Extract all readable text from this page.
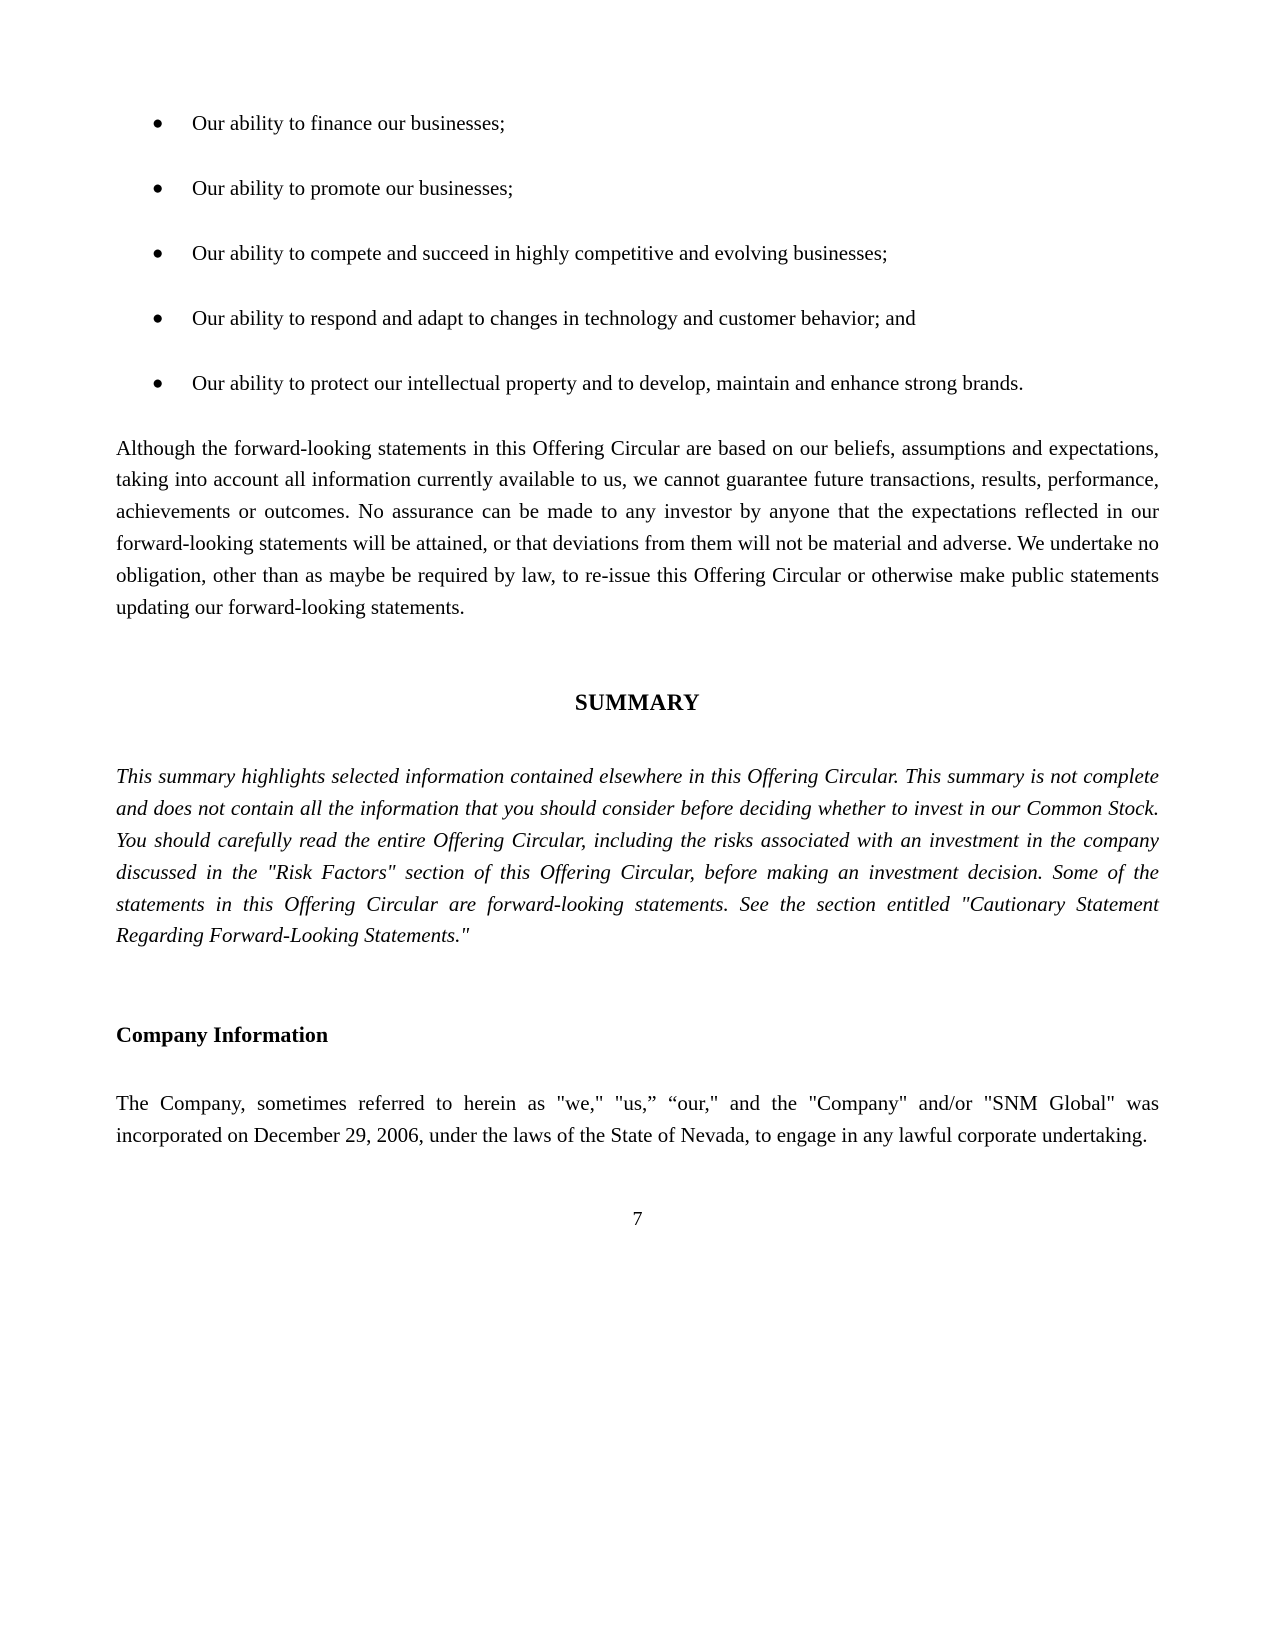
●	Our ability to finance our businesses;
●	Our ability to promote our businesses;
●	Our ability to compete and succeed in highly competitive and evolving businesses;
●	Our ability to respond and adapt to changes in technology and customer behavior; and
●	Our ability to protect our intellectual property and to develop, maintain and enhance strong brands.

Although the forward-looking statements in this Offering Circular are based on our beliefs, assumptions and expectations, taking into account all information currently available to us, we cannot guarantee future transactions, results, performance, achievements or outcomes. No assurance can be made to any investor by anyone that the expectations reflected in our forward-looking statements will be attained, or that deviations from them will not be material and adverse. We undertake no obligation, other than as maybe be required by law, to re-issue this Offering Circular or otherwise make public statements updating our forward-looking statements.

SUMMARY

This summary highlights selected information contained elsewhere in this Offering Circular. This summary is not complete and does not contain all the information that you should consider before deciding whether to invest in our Common Stock. You should carefully read the entire Offering Circular, including the risks associated with an investment in the company discussed in the "Risk Factors" section of this Offering Circular, before making an investment decision. Some of the statements in this Offering Circular are forward-looking statements. See the section entitled "Cautionary Statement Regarding Forward-Looking Statements."

Company Information

The Company, sometimes referred to herein as "we," "us,” “our," and the "Company" and/or "SNM Global" was incorporated on December 29, 2006, under the laws of the State of Nevada, to engage in any lawful corporate undertaking.

7
